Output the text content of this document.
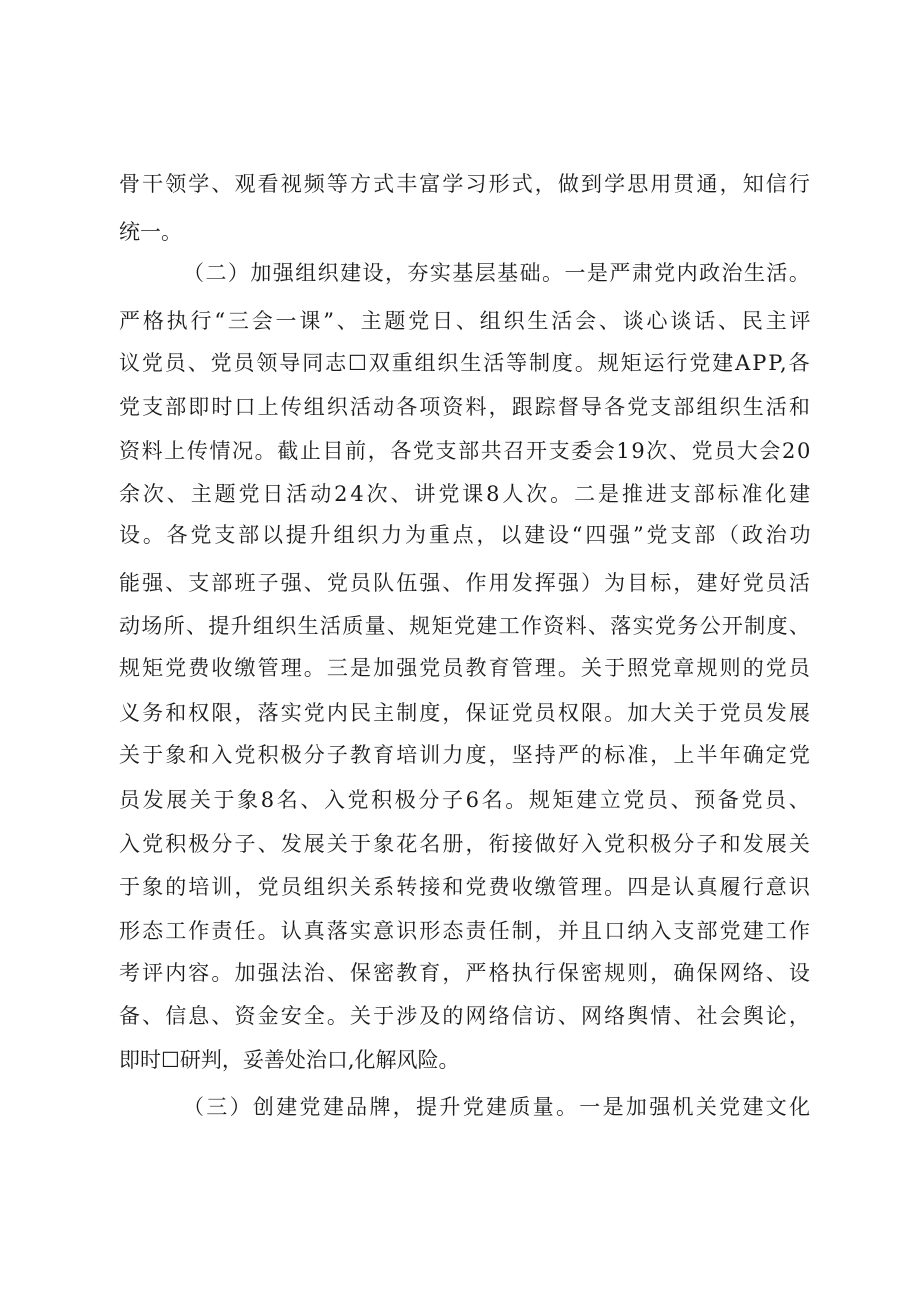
骨干领学、观看视频等方式丰富学习形式，做到学思用贯通，知信行
统一。
（二）加强组织建设，夯实基层基础。一是严肃党内政治生活。
严格执行“三会一课”、主题党日、组织生活会、谈心谈话、民主评
议党员、党员领导同志☐双重组织生活等制度。规矩运行党建APP,各
党支部即时口上传组织活动各项资料，跟踪督导各党支部组织生活和
资料上传情况。截止目前，各党支部共召开支委会19次、党员大会20
余次、主题党日活动24次、讲党课8人次。二是推进支部标准化建
设。各党支部以提升组织力为重点，以建设“四强”党支部（政治功
能强、支部班子强、党员队伍强、作用发挥强）为目标，建好党员活
动场所、提升组织生活质量、规矩党建工作资料、落实党务公开制度、
规矩党费收缴管理。三是加强党员教育管理。关于照党章规则的党员
义务和权限，落实党内民主制度，保证党员权限。加大关于党员发展
关于象和入党积极分子教育培训力度，坚持严的标准，上半年确定党
员发展关于象8名、入党积极分子6名。规矩建立党员、预备党员、
入党积极分子、发展关于象花名册，衔接做好入党积极分子和发展关
于象的培训，党员组织关系转接和党费收缴管理。四是认真履行意识
形态工作责任。认真落实意识形态责任制，并且口纳入支部党建工作
考评内容。加强法治、保密教育，严格执行保密规则，确保网络、设
备、信息、资金安全。关于涉及的网络信访、网络舆情、社会舆论，
即时☐研判，妥善处治口,化解风险。
（三）创建党建品牌，提升党建质量。一是加强机关党建文化
